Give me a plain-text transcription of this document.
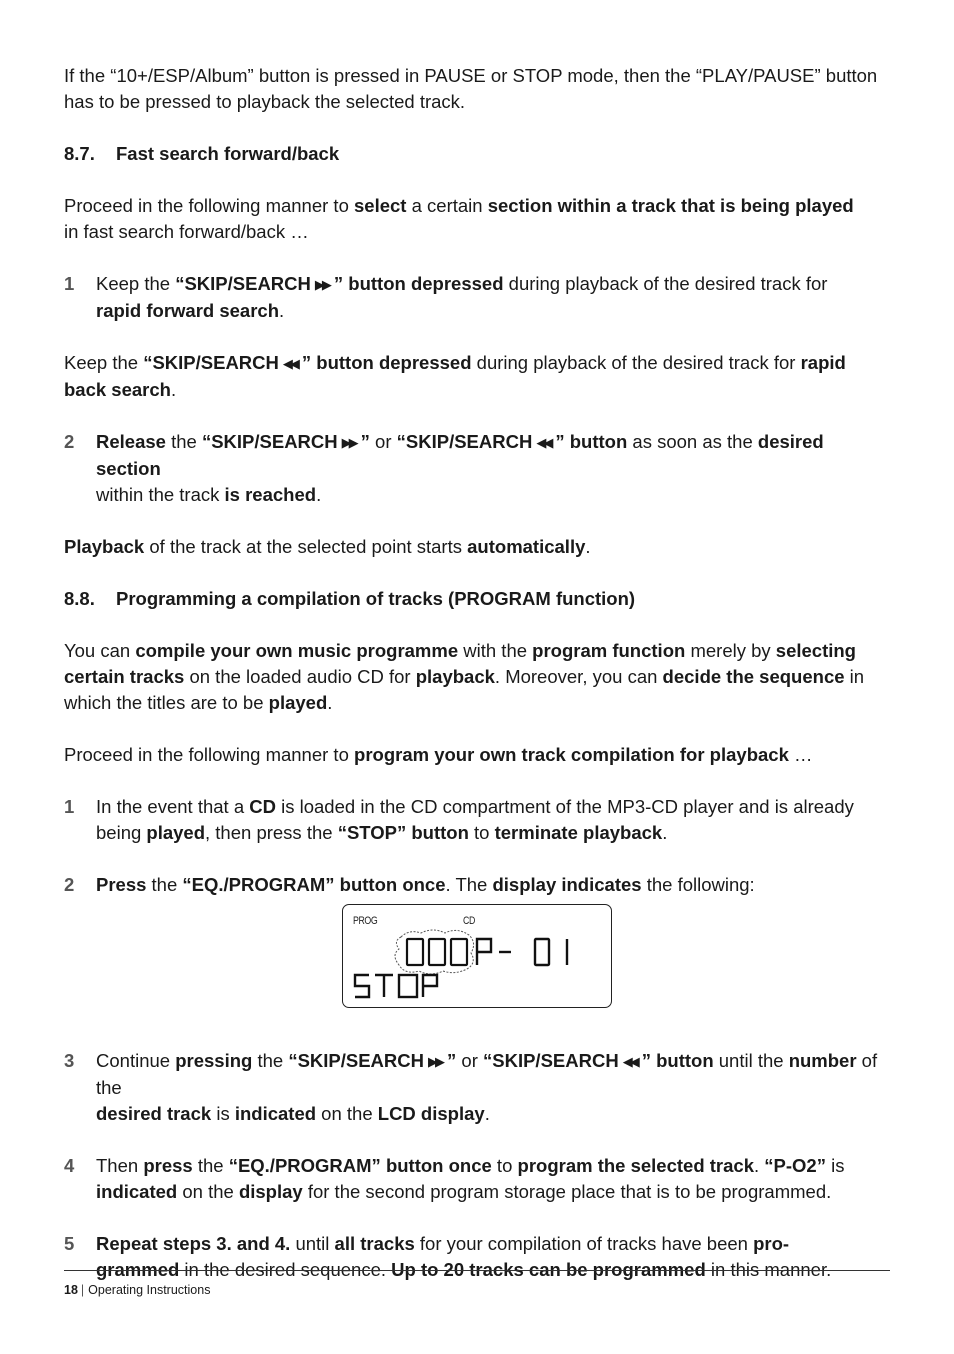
If the “10+/ESP/Album” button is pressed in PAUSE or STOP mode, then the “PLAY/PAUSE” button has to be pressed to playback the selected track.

8.7. Fast search forward/back

Proceed in the following manner to select a certain section within a track that is being played
in fast search forward/back …

1 Keep the “SKIP/SEARCH ▶▶ ” button depressed during playback of the desired track for
rapid forward search.

Keep the “SKIP/SEARCH ◀◀ ” button depressed during playback of the desired track for rapid back search.

2 Release the “SKIP/SEARCH ▶▶ ” or “SKIP/SEARCH ◀◀ ” button as soon as the desired section
within the track is reached.

Playback of the track at the selected point starts automatically.

8.8. Programming a compilation of tracks (PROGRAM function)

You can compile your own music programme with the program function merely by selecting certain tracks on the loaded audio CD for playback. Moreover, you can decide the sequence in which the titles are to be played.

Proceed in the following manner to program your own track compilation for playback …

1 In the event that a CD is loaded in the CD compartment of the MP3-CD player and is already being played, then press the “STOP” button to terminate playback.

2 Press the “EQ./PROGRAM” button once. The display indicates the following:

PROG	CD
3 Continue pressing the “SKIP/SEARCH ▶▶ ” or “SKIP/SEARCH ◀◀ ” button until the number of the
desired track is indicated on the LCD display.

4 Then press the “EQ./PROGRAM” button once to program the selected track. “P-O2” is
indicated on the display for the second program storage place that is to be programmed.

5 Repeat steps 3. and 4. until all tracks for your compilation of tracks have been pro-
grammed in the desired sequence. Up to 20 tracks can be programmed in this manner.

18 | Operating Instructions
